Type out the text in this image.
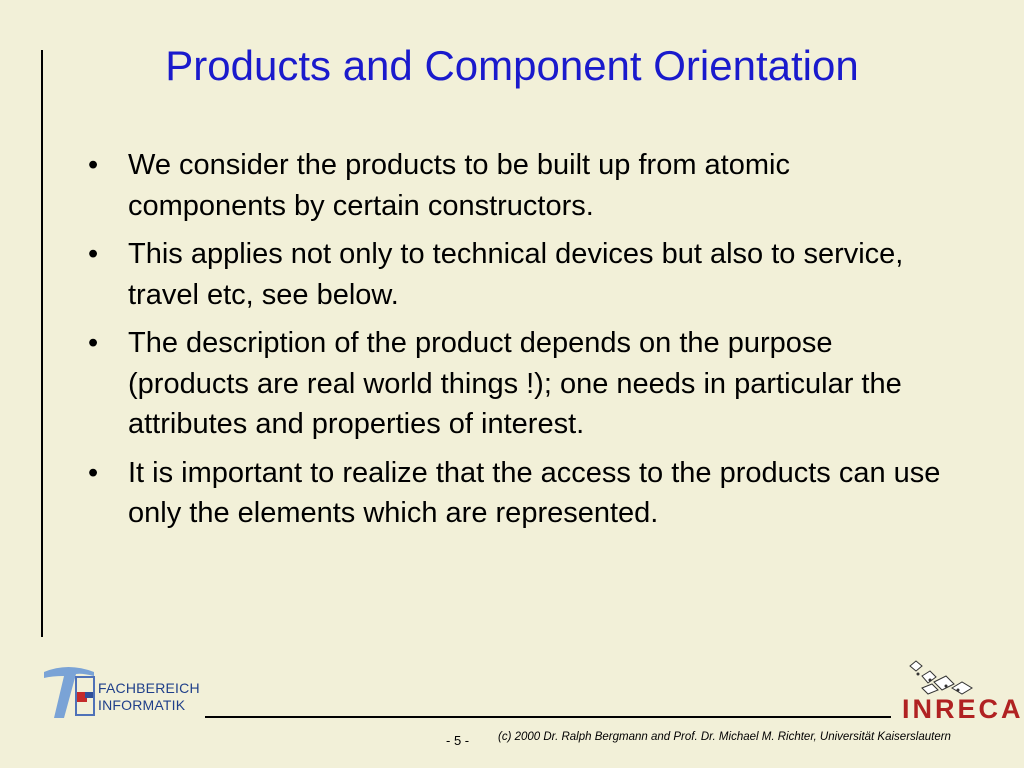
Products and Component Orientation
• We consider the products to be built up from atomic components by certain constructors.
• This applies not only to technical devices but also to service, travel etc, see below.
• The description of the product depends on the purpose (products are real world things !); one needs in particular the attributes and properties of interest.
• It is important to realize that the access to the products can use only the elements which are represented.
FACHBEREICH
INFORMATIK	INRECA
- 5 -	(c) 2000 Dr. Ralph Bergmann and Prof. Dr. Michael M. Richter, Universität Kaiserslautern
